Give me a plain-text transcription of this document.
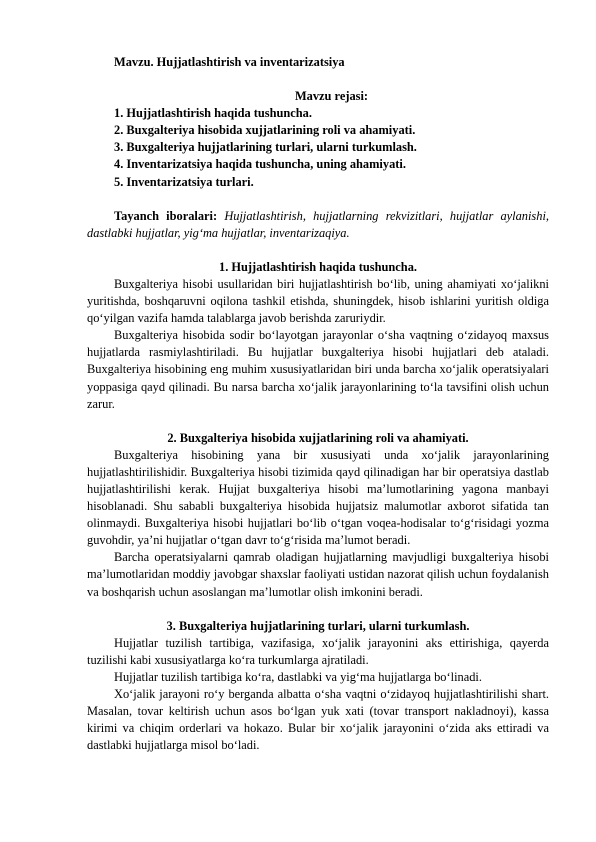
Mavzu. Hujjatlashtirish va inventarizatsiya
Mavzu rejasi:
1. Hujjatlashtirish haqida tushuncha.
2. Buxgalteriya hisobida xujjatlarining roli va ahamiyati.
3. Buxgalteriya hujjatlarining turlari, ularni turkumlash.
4. Inventarizatsiya haqida tushuncha, uning ahamiyati.
5. Inventarizatsiya turlari.

Tayanch iboralari: Hujjatlashtirish, hujjatlarning rekvizitlari, hujjatlar aylanishi, dastlabki hujjatlar, yig‘ma hujjatlar, inventarizaqiya.

1. Hujjatlashtirish haqida tushuncha.

Buxgalteriya hisobi usullaridan biri hujjatlashtirish bo‘lib, uning ahamiyati xo‘jalikni yuritishda, boshqaruvni oqilona tashkil etishda, shuningdek, hisob ishlarini yuritish oldiga qo‘yilgan vazifa hamda talablarga javob berishda zaruriydir.

Buxgalteriya hisobida sodir bo‘layotgan jarayonlar o‘sha vaqtning o‘zidayoq maxsus hujjatlarda rasmiylashtiriladi. Bu hujjatlar buxgalteriya hisobi hujjatlari deb ataladi. Buxgalteriya hisobining eng muhim xususiyatlaridan biri unda barcha xo‘jalik operatsiyalari yoppasiga qayd qilinadi. Bu narsa barcha xo‘jalik jarayonlarining to‘la tavsifini olish uchun zarur.

2. Buxgalteriya hisobida xujjatlarining roli va ahamiyati.

Buxgalteriya hisobining yana bir xususiyati unda xo‘jalik jarayonlarining hujjatlashtirilishidir. Buxgalteriya hisobi tizimida qayd qilinadigan har bir operatsiya dastlab hujjatlashtirilishi kerak. Hujjat buxgalteriya hisobi ma’lumotlarining yagona manbayi hisoblanadi. Shu sababli buxgalteriya hisobida hujjatsiz malumotlar axborot sifatida tan olinmaydi. Buxgalteriya hisobi hujjatlari bo‘lib o‘tgan voqea-hodisalar to‘g‘risidagi yozma guvohdir, ya’ni hujjatlar o‘tgan davr to‘g‘risida ma’lumot beradi.

Barcha operatsiyalarni qamrab oladigan hujjatlarning mavjudligi buxgalteriya hisobi ma’lumotlaridan moddiy javobgar shaxslar faoliyati ustidan nazorat qilish uchun foydalanish va boshqarish uchun asoslangan ma’lumotlar olish imkonini beradi.

3. Buxgalteriya hujjatlarining turlari, ularni turkumlash.

Hujjatlar tuzilish tartibiga, vazifasiga, xo‘jalik jarayonini aks ettirishiga, qayerda tuzilishi kabi xususiyatlarga ko‘ra turkumlarga ajratiladi.

Hujjatlar tuzilish tartibiga ko‘ra, dastlabki va yig‘ma hujjatlarga bo‘linadi.

Xo‘jalik jarayoni ro‘y berganda albatta o‘sha vaqtni o‘zidayoq hujjatlashtirilishi shart. Masalan, tovar keltirish uchun asos bo‘lgan yuk xati (tovar transport nakladnoyi), kassa kirimi va chiqim orderlari va hokazo. Bular bir xo‘jalik jarayonini o‘zida aks ettiradi va dastlabki hujjatlarga misol bo‘ladi.
